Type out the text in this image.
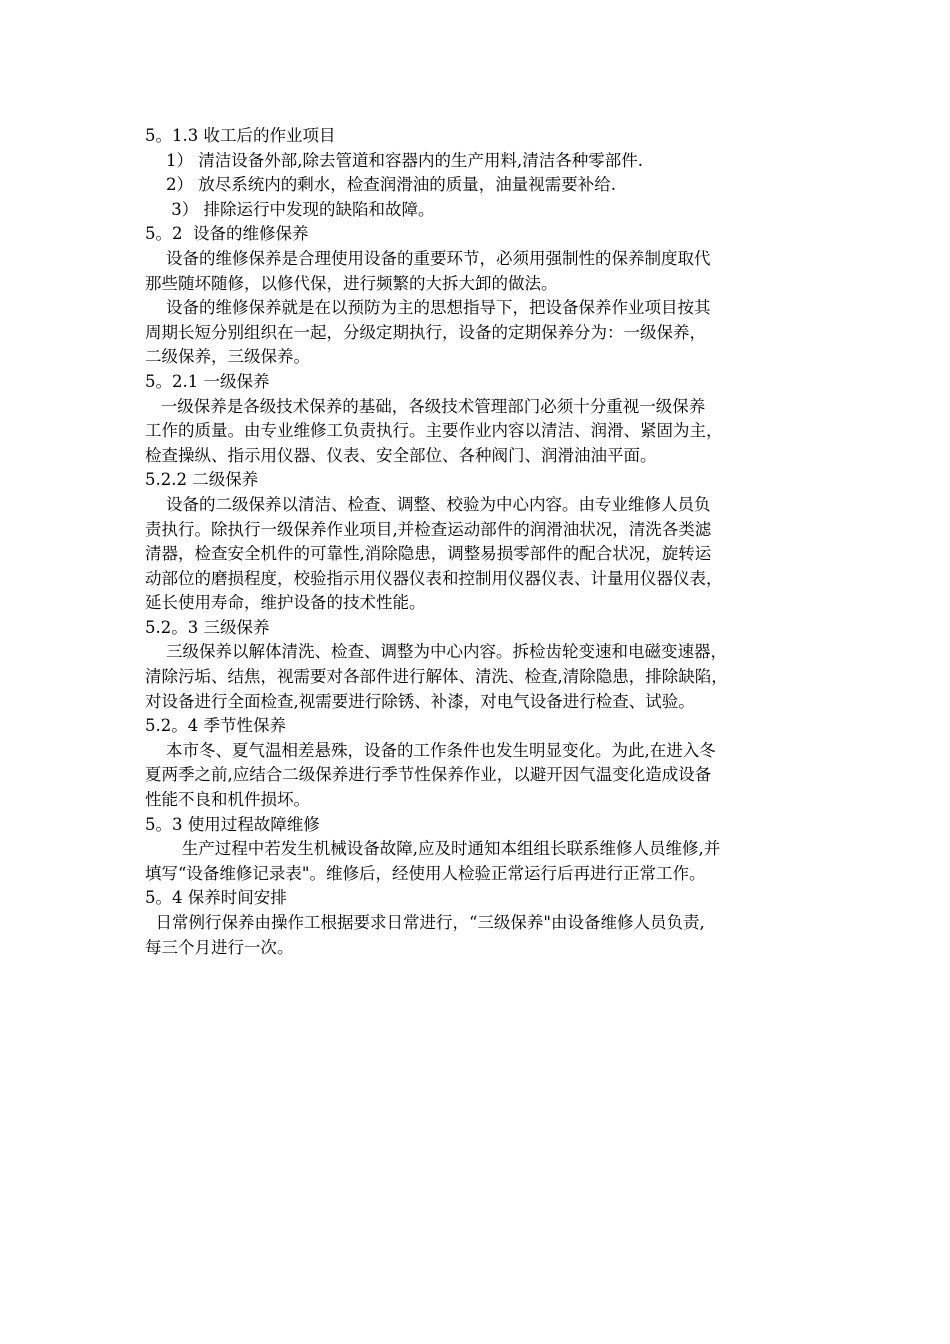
5。1.3 收工后的作业项目
1） 清洁设备外部,除去管道和容器内的生产用料,清洁各种零部件.
2） 放尽系统内的剩水，检查润滑油的质量，油量视需要补给.
3） 排除运行中发现的缺陷和故障。
5。2  设备的维修保养
设备的维修保养是合理使用设备的重要环节，必须用强制性的保养制度取代
那些随坏随修，以修代保，进行频繁的大拆大卸的做法。
设备的维修保养就是在以预防为主的思想指导下，把设备保养作业项目按其
周期长短分别组织在一起，分级定期执行，设备的定期保养分为：一级保养，
二级保养，三级保养。
5。2.1 一级保养
一级保养是各级技术保养的基础，各级技术管理部门必须十分重视一级保养
工作的质量。由专业维修工负责执行。主要作业内容以清洁、润滑、紧固为主，
检查操纵、指示用仪器、仪表、安全部位、各种阀门、润滑油油平面。
5.2.2 二级保养
设备的二级保养以清洁、检查、调整、校验为中心内容。由专业维修人员负
责执行。除执行一级保养作业项目,并检查运动部件的润滑油状况，清洗各类滤
清器，检查安全机件的可靠性,消除隐患，调整易损零部件的配合状况，旋转运
动部位的磨损程度，校验指示用仪器仪表和控制用仪器仪表、计量用仪器仪表，
延长使用寿命，维护设备的技术性能。
5.2。3 三级保养
三级保养以解体清洗、检查、调整为中心内容。拆检齿轮变速和电磁变速器，
清除污垢、结焦，视需要对各部件进行解体、清洗、检查,清除隐患，排除缺陷，
对设备进行全面检查,视需要进行除锈、补漆，对电气设备进行检查、试验。
5.2。4 季节性保养
本市冬、夏气温相差悬殊，设备的工作条件也发生明显变化。为此,在进入冬
夏两季之前,应结合二级保养进行季节性保养作业，以避开因气温变化造成设备
性能不良和机件损坏。
5。3 使用过程故障维修
生产过程中若发生机械设备故障,应及时通知本组组长联系维修人员维修,并
填写“设备维修记录表"。维修后，经使用人检验正常运行后再进行正常工作。
5。4 保养时间安排
日常例行保养由操作工根据要求日常进行，“三级保养"由设备维修人员负责,
每三个月进行一次。
